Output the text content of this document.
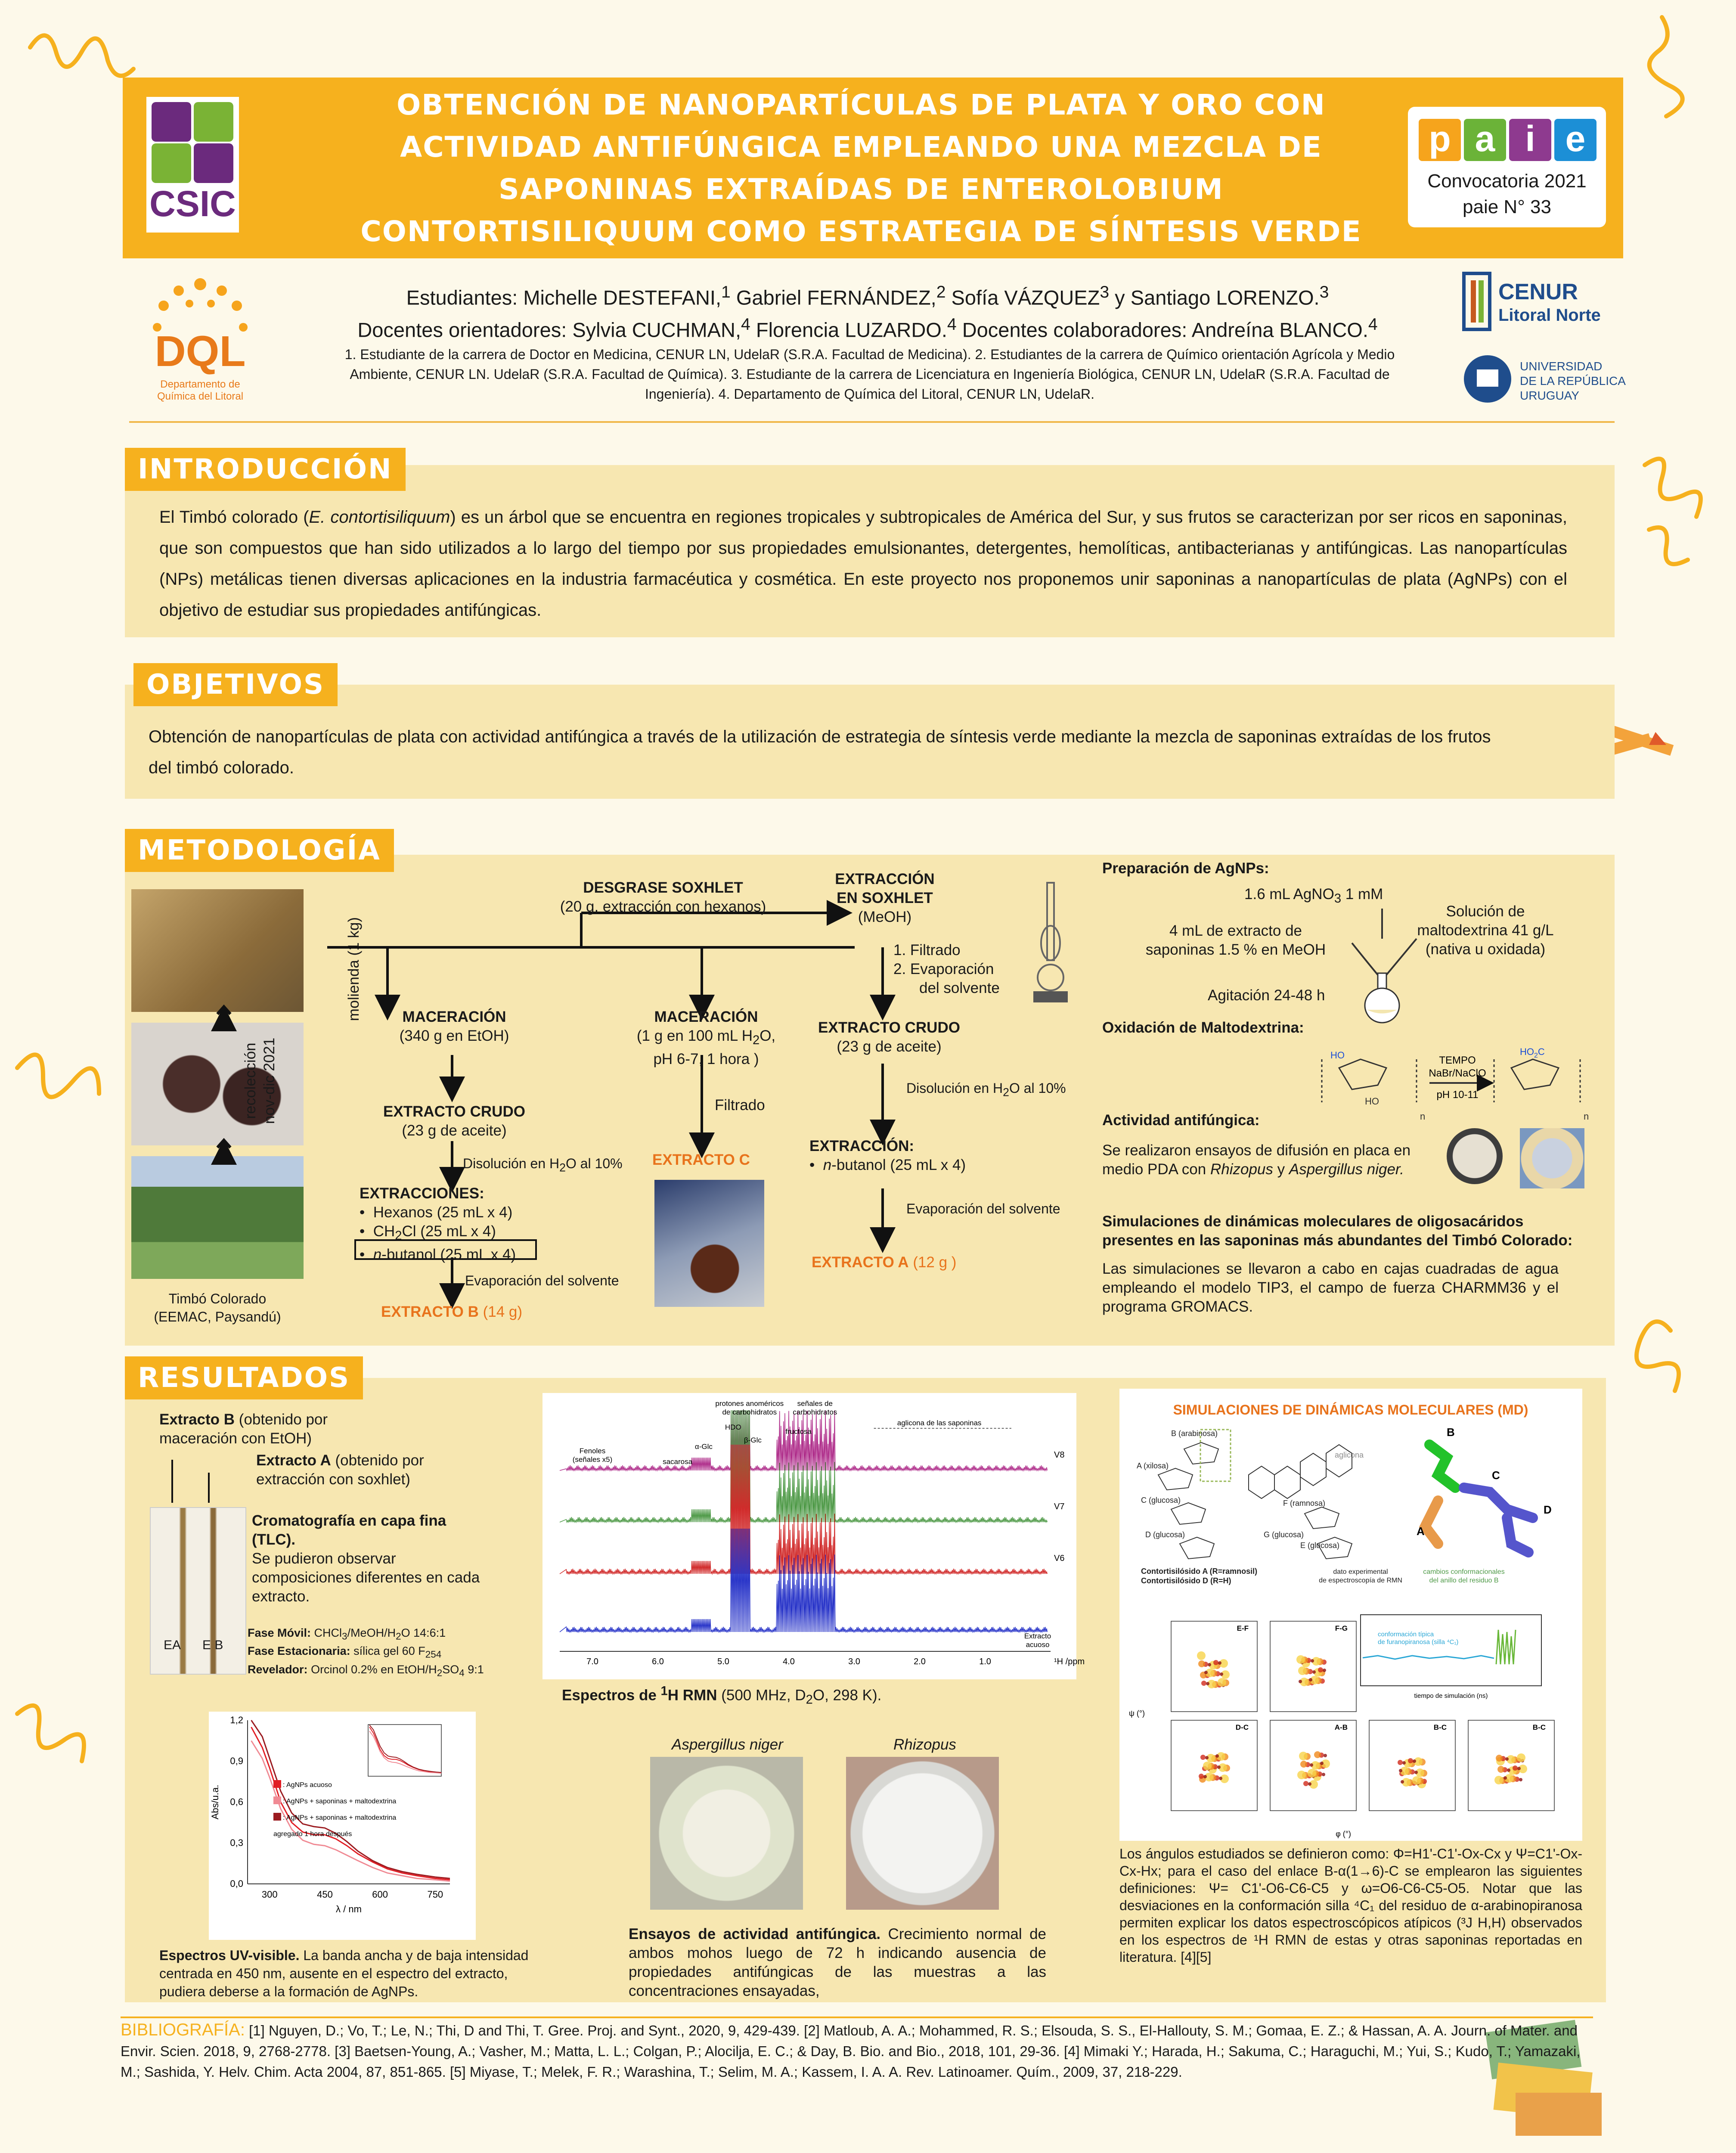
CSIC
OBTENCIÓN DE NANOPARTÍCULAS DE PLATA Y ORO CON
ACTIVIDAD ANTIFÚNGICA EMPLEANDO UNA MEZCLA DE
SAPONINAS EXTRAÍDAS DE ENTEROLOBIUM
CONTORTISILIQUUM COMO ESTRATEGIA DE SÍNTESIS VERDE
p a i e
Convocatoria 2021
paie N° 33
DQL
Departamento de
Química del Litoral
Estudiantes: Michelle DESTEFANI,$^1$ Gabriel FERNÁNDEZ,$^2$ Sofía VÁZQUEZ$^3$ y Santiago LORENZO.$^3$
Docentes orientadores: Sylvia CUCHMAN,$^4$ Florencia LUZARDO.$^4$ Docentes colaboradores: Andreína BLANCO.$^4$
1. Estudiante de la carrera de Doctor en Medicina, CENUR LN, UdelaR (S.R.A. Facultad de Medicina). 2. Estudiantes de la carrera de Químico orientación Agrícola y Medio Ambiente, CENUR LN. UdelaR (S.R.A. Facultad de Química). 3. Estudiante de la carrera de Licenciatura en Ingeniería Biológica, CENUR LN, UdelaR (S.R.A. Facultad de Ingeniería). 4. Departamento de Química del Litoral, CENUR LN, UdelaR.
CENUR
Litoral Norte
UNIVERSIDAD
DE LA REPÚBLICA
URUGUAY
INTRODUCCIÓN
El Timbó colorado (E. contortisiliquum) es un árbol que se encuentra en regiones tropicales y subtropicales de América del Sur, y sus frutos se caracterizan por ser ricos en saponinas, que son compuestos que han sido utilizados a lo largo del tiempo por sus propiedades emulsionantes, detergentes, hemolíticas, antibacterianas y antifúngicas. Las nanopartículas (NPs) metálicas tienen diversas aplicaciones en la industria farmacéutica y cosmética. En este proyecto nos proponemos unir saponinas a nanopartículas de plata (AgNPs) con el objetivo de estudiar sus propiedades antifúngicas.
OBJETIVOS
Obtención de nanopartículas de plata con actividad antifúngica a través de la utilización de estrategia de síntesis verde mediante la mezcla de saponinas extraídas de los frutos del timbó colorado.
METODOLOGÍA
Timbó Colorado
(EEMAC, Paysandú)
molienda (1 kg)
recolección nov-dic 2021
DESGRASE SOXHLET
(20 g, extracción con hexanos)
EXTRACCIÓN
EN SOXHLET
(MeOH)
1. Filtrado
2. Evaporación
del solvente
MACERACIÓN
(340 g en EtOH)
MACERACIÓN
(1 g en 100 mL $H_2O$,
pH 6-7, 1 hora )
Filtrado
EXTRACTO CRUDO
(23 g de aceite)
Disolución en $H_2O$ al 10% EXTRACTO C
EXTRACCIONES:
•  Hexanos (25 mL x 4)
•  $CH_2Cl$ (25 mL x 4)
•  n-butanol (25 mL x 4)
Evaporación del solvente
EXTRACTO B (14 g)
EXTRACTO CRUDO
(23 g de aceite)
Disolución en $H_2O$ al 10%
EXTRACCIÓN:
•  n-butanol (25 mL x 4)
Evaporación del solvente
EXTRACTO A (12 g )
Preparación de AgNPs:
1.6 mL AgNO$_3$ 1 mM
4 mL de extracto de
saponinas 1.5 % en MeOH
Solución de
maltodextrina 41 g/L
(nativa u oxidada)
Agitación 24-48 h
Oxidación de Maltodextrina:
HO
HO
n
TEMPO
NaBr/NaClO
pH 10-11
$HO_2C$
n
Actividad antifúngica:
Se realizaron ensayos de difusión en placa en
medio PDA con Rhizopus y Aspergillus niger.
Simulaciones de dinámicas moleculares de oligosacáridos
presentes en las saponinas más abundantes del Timbó Colorado:
Las simulaciones se llevaron a cabo en cajas cuadradas de agua empleando el modelo TIP3, el campo de fuerza CHARMM36 y el programa GROMACS.
RESULTADOS
Extracto B (obtenido por maceración con EtOH)
Extracto A (obtenido por extracción con soxhlet)
EA E B
Cromatografía en capa fina (TLC).
Se pudieron observar composiciones diferentes en cada extracto.
Fase Móvil: $CHCl_3/MeOH/H_2O$ 14:6:1
Fase Estacionaria: sílica gel 60 $F_{254}$
Revelador: Orcinol 0.2% en EtOH/$H_2SO_4$ 9:1
0,0
0,3
0,6
0,9
1,2
300	450	600	750
λ / nm
Abs/u.a.	: AgNPs acuoso
: AgNPs + saponinas + maltodextrina
: AgNPs + saponinas + maltodextrina
agregado 1 hora después
Espectros UV-visible. La banda ancha y de baja intensidad centrada en 450 nm, ausente en el espectro del extracto, pudiera deberse a la formación de AgNPs.
7.0	6.0	5.0	4.0	3.0	2.0	1.0	¹H /ppm
V8
V7
V6
protones anoméricos
de carbohidratos
señales de
carbohidratos
HDO
fructosa
α-Glc
β-Glc
sacarosa
Fenoles
(señales x5)
aglicona de las saponinas
Extracto
acuoso
Espectros de $^1$H RMN (500 MHz, $D_2O$, 298 K).
Aspergillus niger	Rhizopus
Ensayos de actividad antifúngica. Crecimiento normal de ambos mohos luego de 72 h indicando ausencia de propiedades antifúngicas de las muestras a las concentraciones ensayadas,
SIMULACIONES DE DINÁMICAS MOLECULARES (MD)
B (arabinosa)
A (xilosa)
C (glucosa)
D (glucosa)
F (ramnosa)
G (glucosa)
E (glucosa)
aglicona
Contortisilósido A (R=ramnosil)
Contortisilósido D (R=H)
dato experimental
de espectroscopía de RMN
cambios conformacionales
del anillo del residuo B
B
C
A
D
conformación típica
de furanopiranosa (silla ⁴C₁)
tiempo de simulación (ns)
E-F	F-G
D-C	A-B	B-C	B-C
φ (°)
ψ (°)
Los ángulos estudiados se definieron como: Φ=H1'-C1'-Ox-Cx y Ψ=C1'-Ox-Cx-Hx; para el caso del enlace B-α(1→6)-C se emplearon las siguientes definiciones: Ψ= C1'-O6-C6-C5 y ω=O6-C6-C5-O5. Notar que las desviaciones en la conformación silla ⁴C₁ del residuo de α-arabinopiranosa permiten explicar los datos espectroscópicos atípicos (³J H,H) observados en los espectros de ¹H RMN de estas y otras saponinas reportadas en literatura. [4][5]
BIBLIOGRAFÍA: [1] Nguyen, D.; Vo, T.; Le, N.; Thi, D and Thi, T. Gree. Proj. and Synt., 2020, 9, 429-439. [2] Matloub, A. A.; Mohammed, R. S.; Elsouda, S. S., El-Hallouty, S. M.; Gomaa, E. Z.; & Hassan, A. A. Journ. of Mater. and Envir. Scien. 2018, 9, 2768-2778. [3] Baetsen-Young, A.; Vasher, M.; Matta, L. L.; Colgan, P.; Alocilja, E. C.; & Day, B. Bio. and Bio., 2018, 101, 29-36. [4] Mimaki Y.; Harada, H.; Sakuma, C.; Haraguchi, M.; Yui, S.; Kudo, T.; Yamazaki, M.; Sashida, Y. Helv. Chim. Acta 2004, 87, 851-865. [5] Miyase, T.; Melek, F. R.; Warashina, T.; Selim, M. A.; Kassem, I. A. A. Rev. Latinoamer. Quím., 2009, 37, 218-229.
